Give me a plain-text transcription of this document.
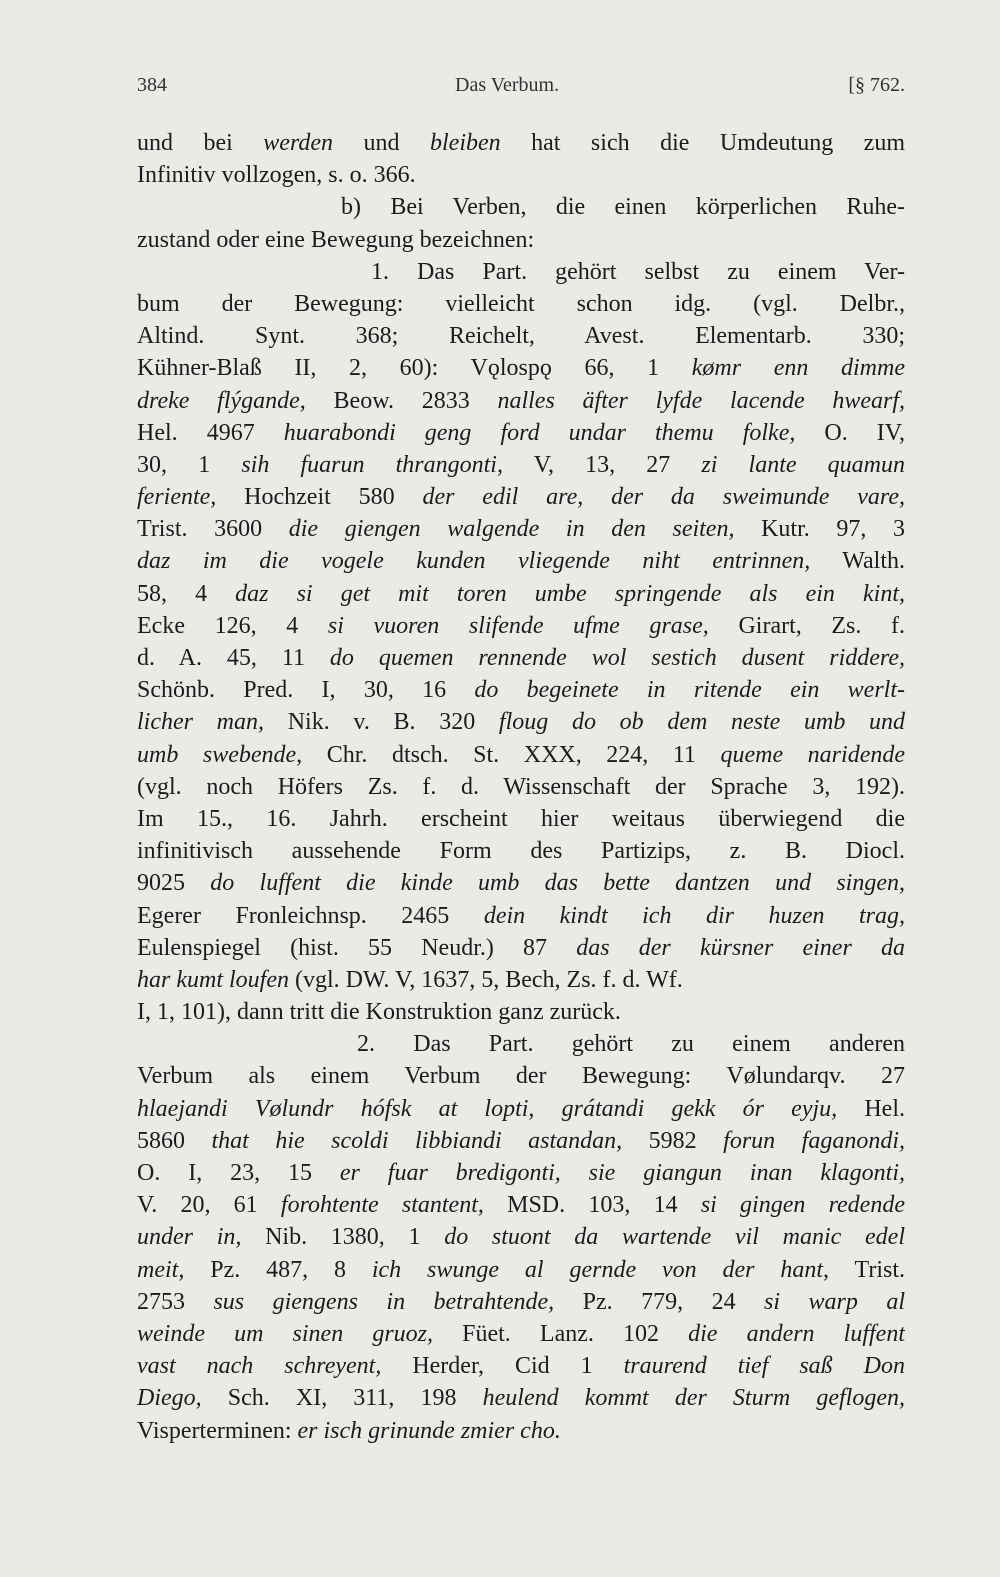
384	Das Verbum.	[§ 762.
und bei werden und bleiben hat sich die Umdeutung zum
Infinitiv vollzogen, s. o. 366.
b) Bei Verben, die einen körperlichen Ruhe-
zustand oder eine Bewegung bezeichnen:
1. Das Part. gehört selbst zu einem Ver-
bum der Bewegung: vielleicht schon idg. (vgl. Delbr.,
Altind. Synt. 368; Reichelt, Avest. Elementarb. 330;
Kühner-Blaß II, 2, 60): Vǫlospǫ 66, 1 kømr enn dimme
dreke flýgande, Beow. 2833 nalles äfter lyfde lacende hwearf,
Hel. 4967 huarabondi geng ford undar themu folke, O. IV,
30, 1 sih fuarun thrangonti, V, 13, 27 zi lante quamun
feriente, Hochzeit 580 der edil are, der da sweimunde vare,
Trist. 3600 die giengen walgende in den seiten, Kutr. 97, 3
daz im die vogele kunden vliegende niht entrinnen, Walth.
58, 4 daz si get mit toren umbe springende als ein kint,
Ecke 126, 4 si vuoren slifende ufme grase, Girart, Zs. f.
d. A. 45, 11 do quemen rennende wol sestich dusent riddere,
Schönb. Pred. I, 30, 16 do begeinete in ritende ein werlt-
licher man, Nik. v. B. 320 floug do ob dem neste umb und
umb swebende, Chr. dtsch. St. XXX, 224, 11 queme naridende
(vgl. noch Höfers Zs. f. d. Wissenschaft der Sprache 3, 192).
Im 15., 16. Jahrh. erscheint hier weitaus überwiegend die
infinitivisch aussehende Form des Partizips, z. B. Diocl.
9025 do luffent die kinde umb das bette dantzen und singen,
Egerer Fronleichnsp. 2465 dein kindt ich dir huzen trag,
Eulenspiegel (hist. 55 Neudr.) 87 das der kürsner einer da
har kumt loufen (vgl. DW. V, 1637, 5, Bech, Zs. f. d. Wf.
I, 1, 101), dann tritt die Konstruktion ganz zurück.
2. Das Part. gehört zu einem anderen
Verbum als einem Verbum der Bewegung: Vølundarqv. 27
hlaejandi Vølundr hófsk at lopti, grátandi gekk ór eyju, Hel.
5860 that hie scoldi libbiandi astandan, 5982 forun faganondi,
O. I, 23, 15 er fuar bredigonti, sie giangun inan klagonti,
V. 20, 61 forohtente stantent, MSD. 103, 14 si gingen redende
under in, Nib. 1380, 1 do stuont da wartende vil manic edel
meit, Pz. 487, 8 ich swunge al gernde von der hant, Trist.
2753 sus giengens in betrahtende, Pz. 779, 24 si warp al
weinde um sinen gruoz, Füet. Lanz. 102 die andern luffent
vast nach schreyent, Herder, Cid 1 traurend tief saß Don
Diego, Sch. XI, 311, 198 heulend kommt der Sturm geflogen,
Visperterminen: er isch grinunde zmier cho.
